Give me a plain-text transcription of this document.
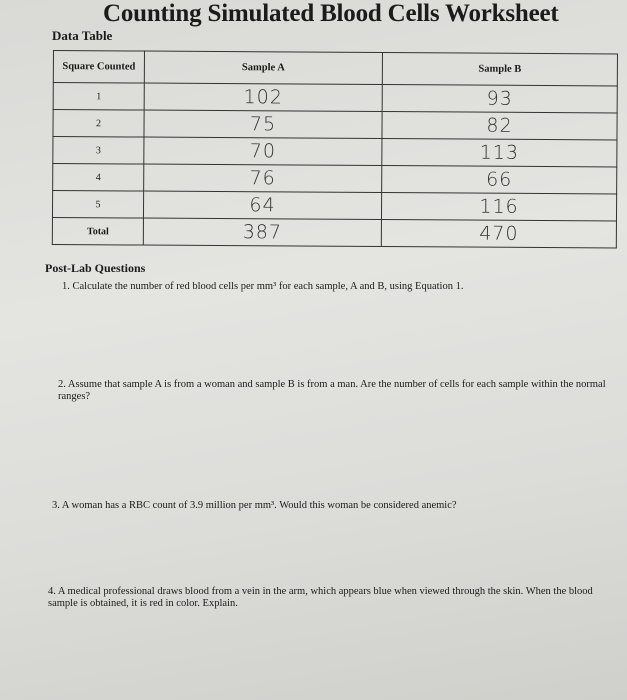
Counting Simulated Blood Cells Worksheet
Data Table
Square Counted	Sample A	Sample B
1	102	93
2	75	82
3	70	113
4	76	66
5	64	116
Total	387	470
Post-Lab Questions
1. Calculate the number of red blood cells per mm³ for each sample, A and B, using Equation 1.
2. Assume that sample A is from a woman and sample B is from a man. Are the number of cells for each sample within the normal ranges?
3. A woman has a RBC count of 3.9 million per mm³. Would this woman be considered anemic?
4. A medical professional draws blood from a vein in the arm, which appears blue when viewed through the skin. When the blood sample is obtained, it is red in color. Explain.
